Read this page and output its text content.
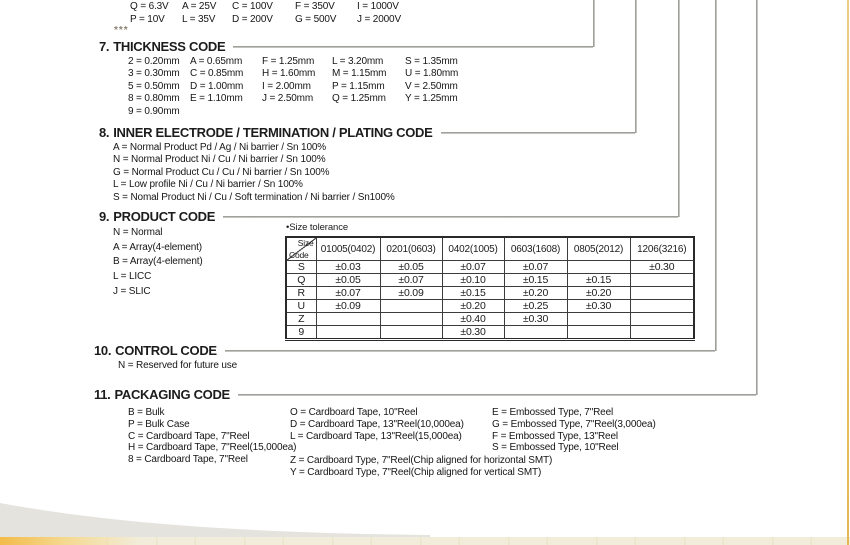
Q = 6.3V	A = 25V	C = 100V	F = 350V	I = 1000V
P = 10V	L = 35V	D = 200V	G = 500V	J = 2000V
***
7. THICKNESS CODE
2 = 0.20mm	A = 0.65mm	F = 1.25mm	L = 3.20mm	S = 1.35mm
3 = 0.30mm	C = 0.85mm	H = 1.60mm	M = 1.15mm	U = 1.80mm
5 = 0.50mm	D = 1.00mm	I = 2.00mm	P = 1.15mm	V = 2.50mm
8 = 0.80mm	E = 1.10mm	J = 2.50mm	Q = 1.25mm	Y = 1.25mm
9 = 0.90mm
8. INNER ELECTRODE / TERMINATION / PLATING CODE
A = Normal Product Pd / Ag / Ni barrier / Sn 100%
N = Normal Product Ni / Cu / Ni barrier / Sn 100%
G = Normal Product Cu / Cu / Ni barrier / Sn 100%
L = Low profile Ni / Cu / Ni barrier / Sn 100%
S = Nomal Product Ni / Cu / Soft termination / Ni barrier / Sn100%
9. PRODUCT CODE
N = Normal
A = Array(4-element)
B = Array(4-element)
L = LICC
J = SLIC
•Size tolerance
Size
Code	01005(0402)	0201(0603)	0402(1005)	0603(1608)	0805(2012)	1206(3216)
S	±0.03	±0.05	±0.07	±0.07		±0.30
Q	±0.05	±0.07	±0.10	±0.15	±0.15	
R	±0.07	±0.09	±0.15	±0.20	±0.20	
U	±0.09		±0.20	±0.25	±0.30	
Z			±0.40	±0.30		
9			±0.30			
10. CONTROL CODE
N = Reserved for future use
11. PACKAGING CODE
B = Bulk
P = Bulk Case
C = Cardboard Tape, 7"Reel
H = Cardboard Tape, 7"Reel(15,000ea)
8 = Cardboard Tape, 7"Reel
O = Cardboard Tape, 10"Reel
D = Cardboard Tape, 13"Reel(10,000ea)
L = Cardboard Tape, 13"Reel(15,000ea)
Z = Cardboard Type, 7"Reel(Chip aligned for horizontal SMT)
Y = Cardboard Type, 7"Reel(Chip aligned for vertical SMT)
E = Embossed Type, 7"Reel
G = Embossed Type, 7"Reel(3,000ea)
F = Embossed Type, 13"Reel
S = Embossed Type, 10"Reel
